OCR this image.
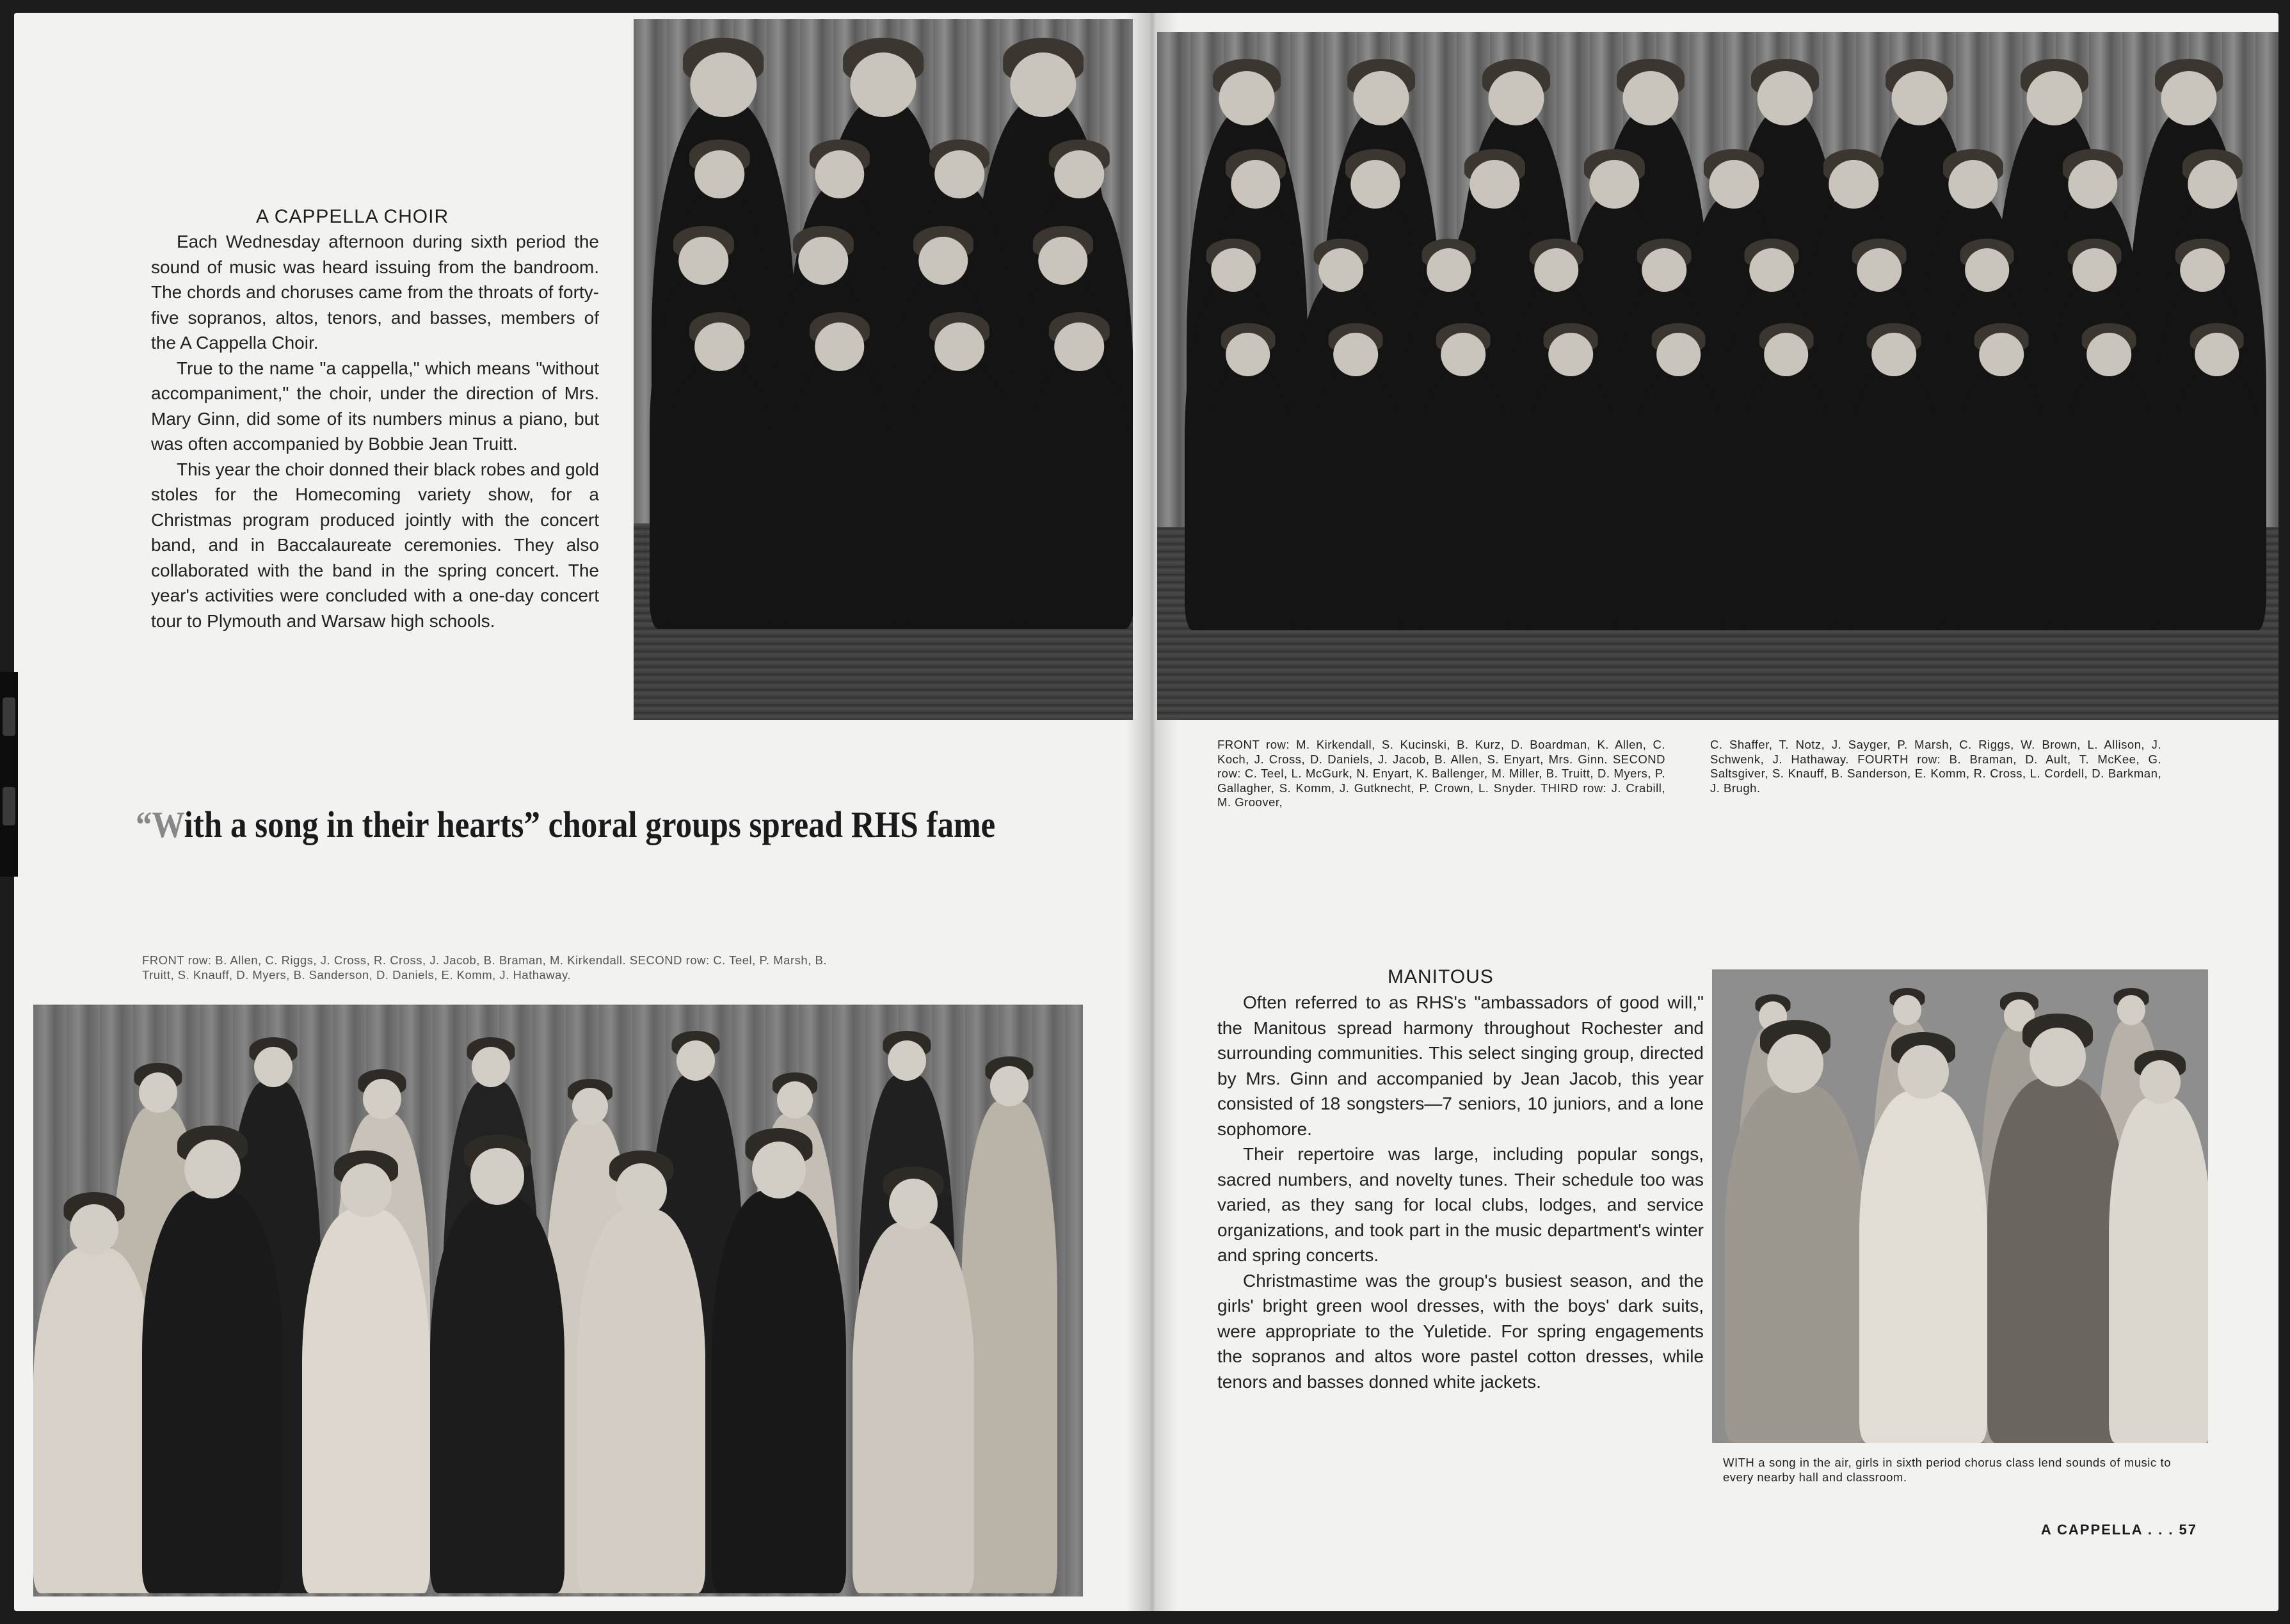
A CAPPELLA CHOIR

Each Wednesday afternoon during sixth period the sound of music was heard issuing from the bandroom. The chords and choruses came from the throats of forty-five sopranos, altos, tenors, and basses, members of the A Cappella Choir.

True to the name "a cappella," which means "without accompaniment," the choir, under the direction of Mrs. Mary Ginn, did some of its numbers minus a piano, but was often accompanied by Bobbie Jean Truitt.

This year the choir donned their black robes and gold stoles for the Homecoming variety show, for a Christmas program produced jointly with the concert band, and in Baccalaureate ceremonies. They also collaborated with the band in the spring concert. The year's activities were concluded with a one-day concert tour to Plymouth and Warsaw high schools.

FRONT row: M. Kirkendall, S. Kucinski, B. Kurz, D. Boardman, K. Allen, C. Koch, J. Cross, D. Daniels, J. Jacob, B. Allen, S. Enyart, Mrs. Ginn. SECOND row: C. Teel, L. McGurk, N. Enyart, K. Ballenger, M. Miller, B. Truitt, D. Myers, P. Gallagher, S. Komm, J. Gutknecht, P. Crown, L. Snyder. THIRD row: J. Crabill, M. Groover,
C. Shaffer, T. Notz, J. Sayger, P. Marsh, C. Riggs, W. Brown, L. Allison, J. Schwenk, J. Hathaway. FOURTH row: B. Braman, D. Ault, T. McKee, G. Saltsgiver, S. Knauff, B. Sanderson, E. Komm, R. Cross, L. Cordell, D. Barkman, J. Brugh.
“With a song in their hearts” choral groups spread RHS fame
FRONT row: B. Allen, C. Riggs, J. Cross, R. Cross, J. Jacob, B. Braman, M. Kirkendall. SECOND row: C. Teel, P. Marsh, B. Truitt, S. Knauff, D. Myers, B. Sanderson, D. Daniels, E. Komm, J. Hathaway.	MANITOUS

Often referred to as RHS's "ambassadors of good will," the Manitous spread harmony throughout Rochester and surrounding communities. This select singing group, directed by Mrs. Ginn and accompanied by Jean Jacob, this year consisted of 18 songsters—7 seniors, 10 juniors, and a lone sophomore.

Their repertoire was large, including popular songs, sacred numbers, and novelty tunes. Their schedule too was varied, as they sang for local clubs, lodges, and service organizations, and took part in the music department's winter and spring concerts.

Christmastime was the group's busiest season, and the girls' bright green wool dresses, with the boys' dark suits, were appropriate to the Yuletide. For spring engagements the sopranos and altos wore pastel cotton dresses, while tenors and basses donned white jackets.

WITH a song in the air, girls in sixth period chorus class lend sounds of music to every nearby hall and classroom.
A CAPPELLA . . . 57
